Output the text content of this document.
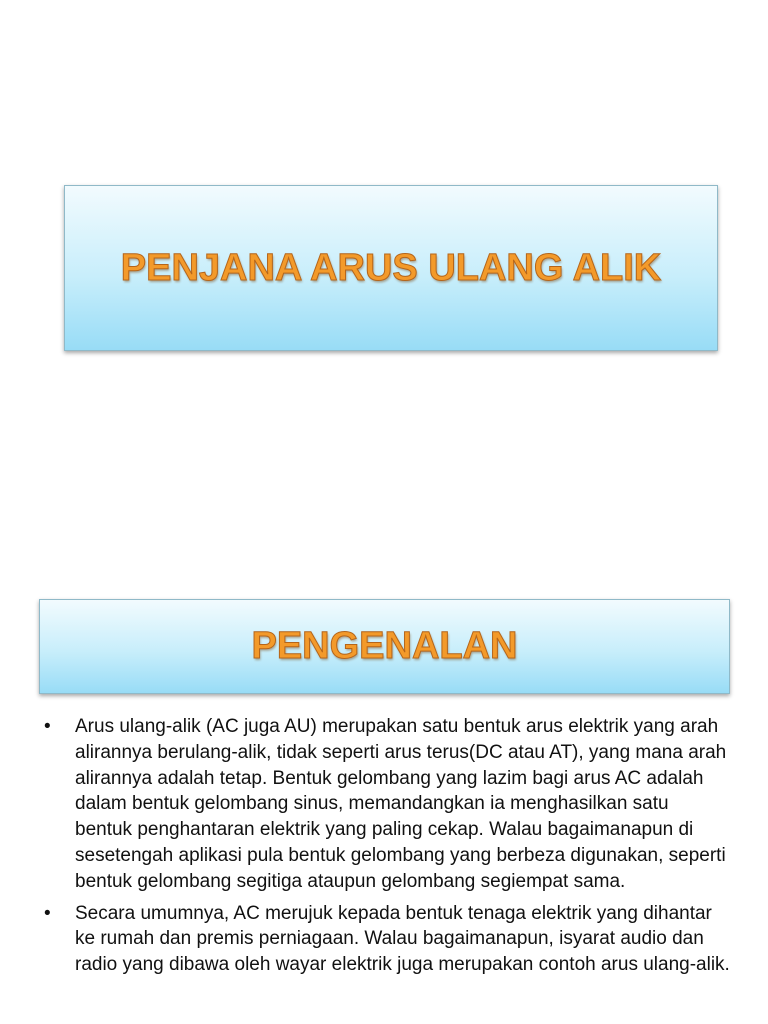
PENJANA ARUS ULANG ALIK
PENGENALAN
• Arus ulang-alik (AC juga AU) merupakan satu bentuk arus elektrik yang arah alirannya berulang-alik, tidak seperti arus terus(DC atau AT), yang mana arah alirannya adalah tetap. Bentuk gelombang yang lazim bagi arus AC adalah dalam bentuk gelombang sinus, memandangkan ia menghasilkan satu bentuk penghantaran elektrik yang paling cekap. Walau bagaimanapun di sesetengah aplikasi pula bentuk gelombang yang berbeza digunakan, seperti bentuk gelombang segitiga ataupun gelombang segiempat sama.
• Secara umumnya, AC merujuk kepada bentuk tenaga elektrik yang dihantar ke rumah dan premis perniagaan. Walau bagaimanapun, isyarat audio dan radio yang dibawa oleh wayar elektrik juga merupakan contoh arus ulang-alik.
